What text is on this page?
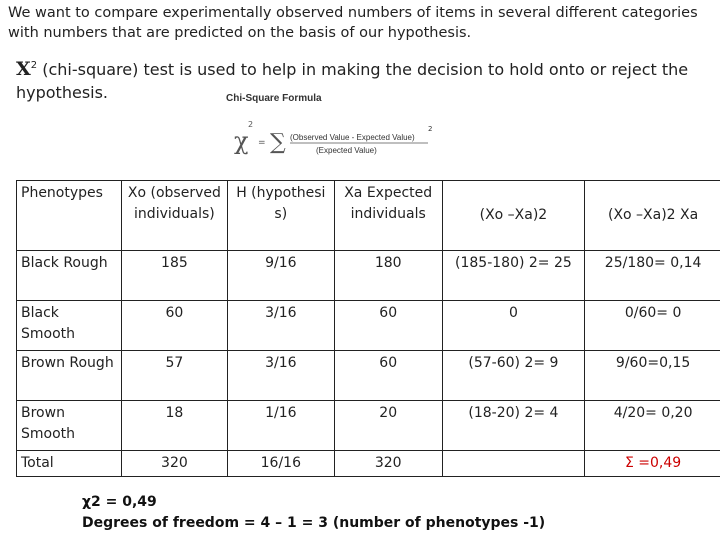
We want to compare experimentally observed numbers of items in several different categories with numbers that are predicted on the basis of our hypothesis.
$X^2$ (chi-square) test is used to help in making the decision to hold onto or reject the hypothesis.	Chi-Square Formula
χ
2
= ∑ (Observed Value - Expected Value)
2
(Expected Value)
Phenotypes	Xo (observed individuals)	H (hypothesi s)	Xa Expected individuals	(Xo –Xa)2	(Xo –Xa)2 Xa
Black Rough	185	9/16	180	(185-180) 2= 25	25/180= 0,14
Black Smooth	60	3/16	60	0	0/60= 0
Brown Rough	57	3/16	60	(57-60) 2= 9	9/60=0,15
Brown Smooth	18	1/16	20	(18-20) 2= 4	4/20= 0,20
Total	320	16/16	320		Σ =0,49
χ2 = 0,49
Degrees of freedom = 4 – 1 = 3 (number of phenotypes -1)
